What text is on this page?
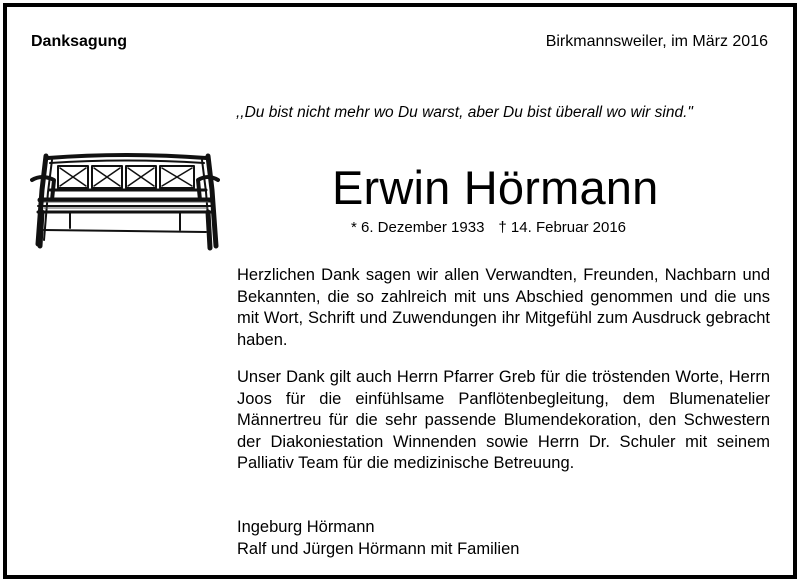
Danksagung	Birkmannsweiler, im März 2016
,,Du bist nicht mehr wo Du warst, aber Du bist überall wo wir sind."
Erwin Hörmann
* 6. Dezember 1933 † 14. Februar 2016

Herzlichen Dank sagen wir allen Verwandten, Freunden, Nachbarn und Bekannten, die so zahlreich mit uns Abschied genommen und die uns mit Wort, Schrift und Zuwendungen ihr Mitgefühl zum Ausdruck gebracht haben.

Unser Dank gilt auch Herrn Pfarrer Greb für die tröstenden Worte, Herrn Joos für die einfühlsame Panflötenbegleitung, dem Blumenatelier Männertreu für die sehr passende Blumendekoration, den Schwestern der Diakoniestation Winnenden sowie Herrn Dr. Schuler mit seinem Palliativ Team für die medizinische Betreuung.

Ingeburg Hörmann
Ralf und Jürgen Hörmann mit Familien
